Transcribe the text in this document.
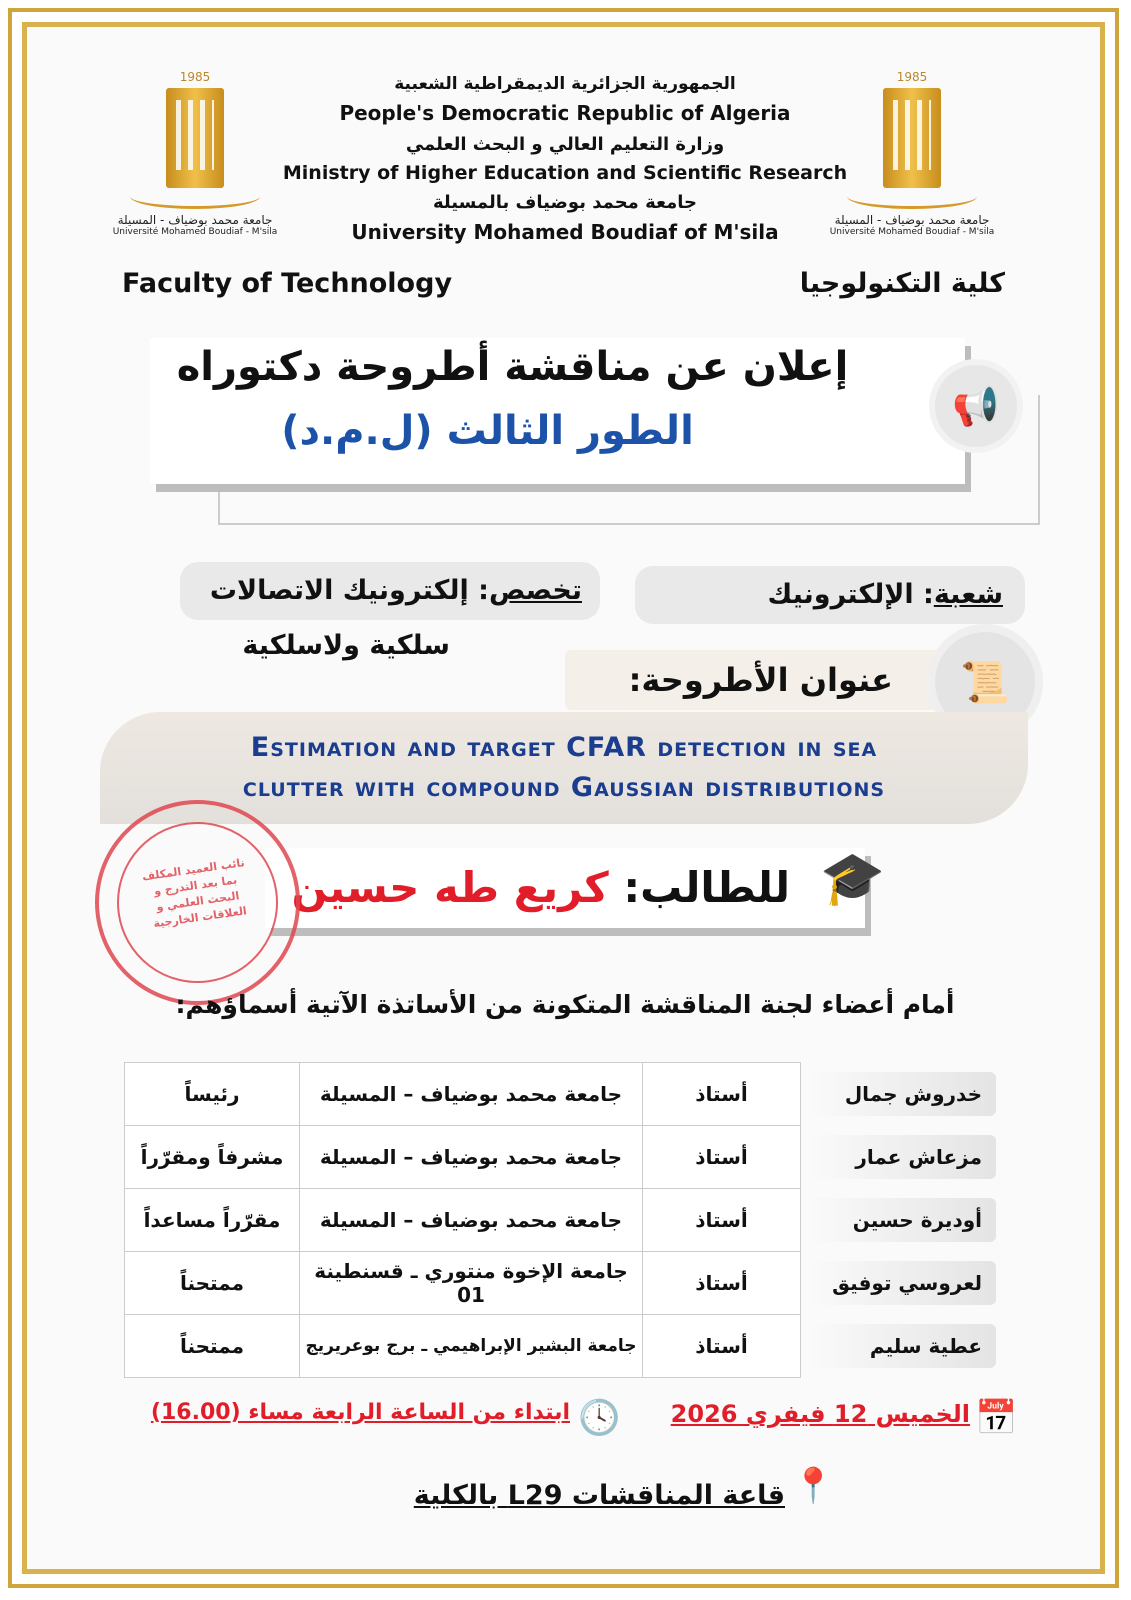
1985
جامعة محمد بوضياف - المسيلة
Université Mohamed Boudiaf - M'sila
1985
جامعة محمد بوضياف - المسيلة
Université Mohamed Boudiaf - M'sila
الجمهورية الجزائرية الديمقراطية الشعبية
People's Democratic Republic of Algeria
وزارة التعليم العالي و البحث العلمي
Ministry of Higher Education and Scientific Research
جامعة محمد بوضياف بالمسيلة
University Mohamed Boudiaf of M'sila
Faculty of Technology	كلية التكنولوجيا
إعلان عن مناقشة أطروحة دكتوراه
الطور الثالث (ل.م.د)
📢
شعبة: الإلكترونيك
تخصص: إلكترونيك الاتصالات
سلكية ولاسلكية
عنوان الأطروحة:	📜
Estimation and target CFAR detection in sea
clutter with compound Gaussian distributions
للطالب: كريع طه حسين	🎓
نائب العميد المكلف بما بعد التدرج و البحث العلمي و العلاقات الخارجية
أمام أعضاء لجنة المناقشة المتكونة من الأساتذة الآتية أسماؤهم:
خدروش جمال	أستاذ	جامعة محمد بوضياف – المسيلة	رئيساً

مزعاش عمار	أستاذ	جامعة محمد بوضياف – المسيلة	مشرفاً ومقرّراً

أوديرة حسين	أستاذ	جامعة محمد بوضياف – المسيلة	مقرّراً مساعداً

لعروسي توفيق	أستاذ	جامعة الإخوة منتوري ـ قسنطينة 01	ممتحناً

عطية سليم	أستاذ	جامعة البشير الإبراهيمي ـ برج بوعريريج	ممتحناً
📅
الخميس 12 فيفري 2026
🕓
ابتداء من الساعة الرابعة مساء (16.00)
📍
قاعة المناقشات L29 بالكلية
